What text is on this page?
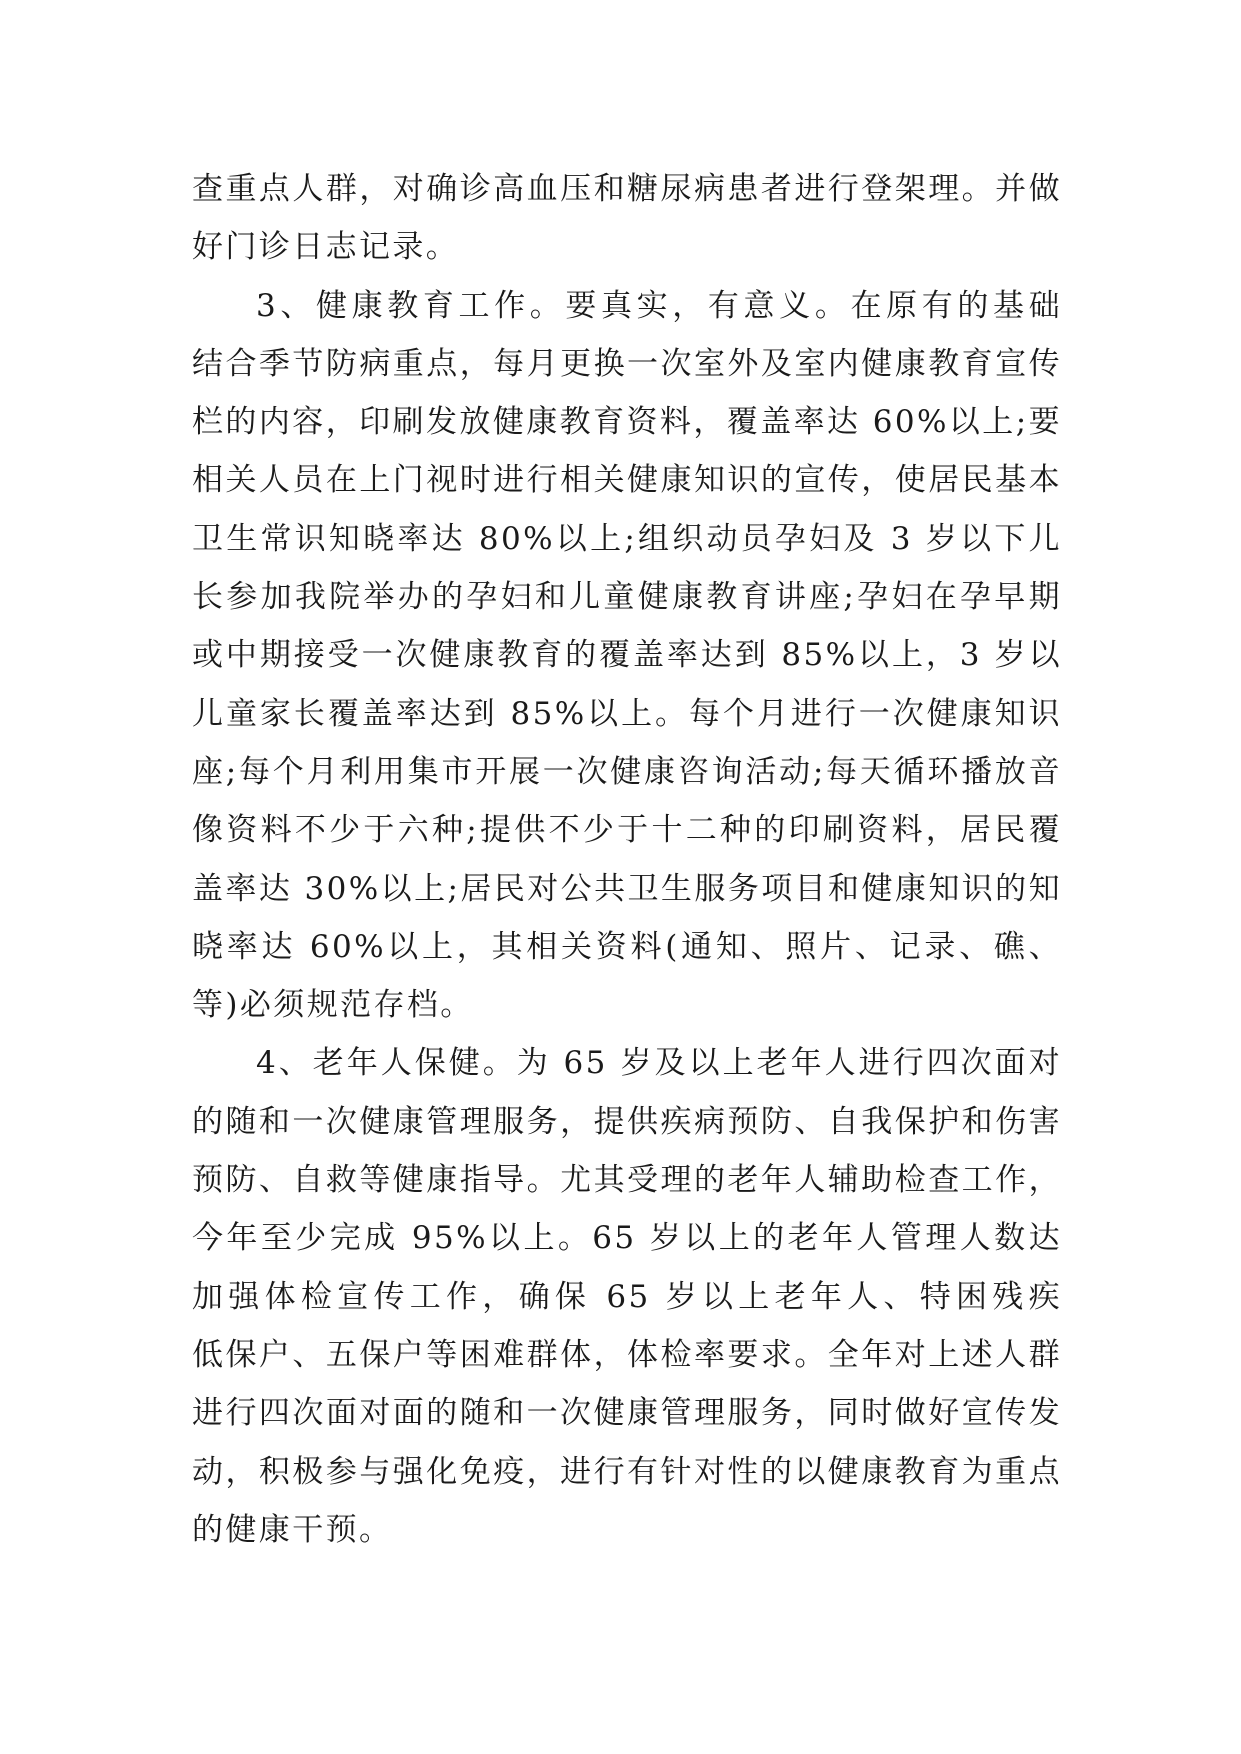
查重点人群，对确诊高血压和糖尿病患者进行登架理。并做
好门诊日志记录。
3、健康教育工作。要真实，有意义。在原有的基础
结合季节防病重点，每月更换一次室外及室内健康教育宣传
栏的内容，印刷发放健康教育资料，覆盖率达 60%以上;要
相关人员在上门视时进行相关健康知识的宣传，使居民基本
卫生常识知晓率达 80%以上;组织动员孕妇及 3 岁以下儿
长参加我院举办的孕妇和儿童健康教育讲座;孕妇在孕早期
或中期接受一次健康教育的覆盖率达到 85%以上，3 岁以
儿童家长覆盖率达到 85%以上。每个月进行一次健康知识
座;每个月利用集市开展一次健康咨询活动;每天循环播放音
像资料不少于六种;提供不少于十二种的印刷资料，居民覆
盖率达 30%以上;居民对公共卫生服务项目和健康知识的知
晓率达 60%以上，其相关资料(通知、照片、记录、礁、
等)必须规范存档。
4、老年人保健。为 65 岁及以上老年人进行四次面对
的随和一次健康管理服务，提供疾病预防、自我保护和伤害
预防、自救等健康指导。尤其受理的老年人辅助检查工作，
今年至少完成 95%以上。65 岁以上的老年人管理人数达
加强体检宣传工作，确保 65 岁以上老年人、特困残疾
低保户、五保户等困难群体，体检率要求。全年对上述人群
进行四次面对面的随和一次健康管理服务，同时做好宣传发
动，积极参与强化免疫，进行有针对性的以健康教育为重点
的健康干预。
